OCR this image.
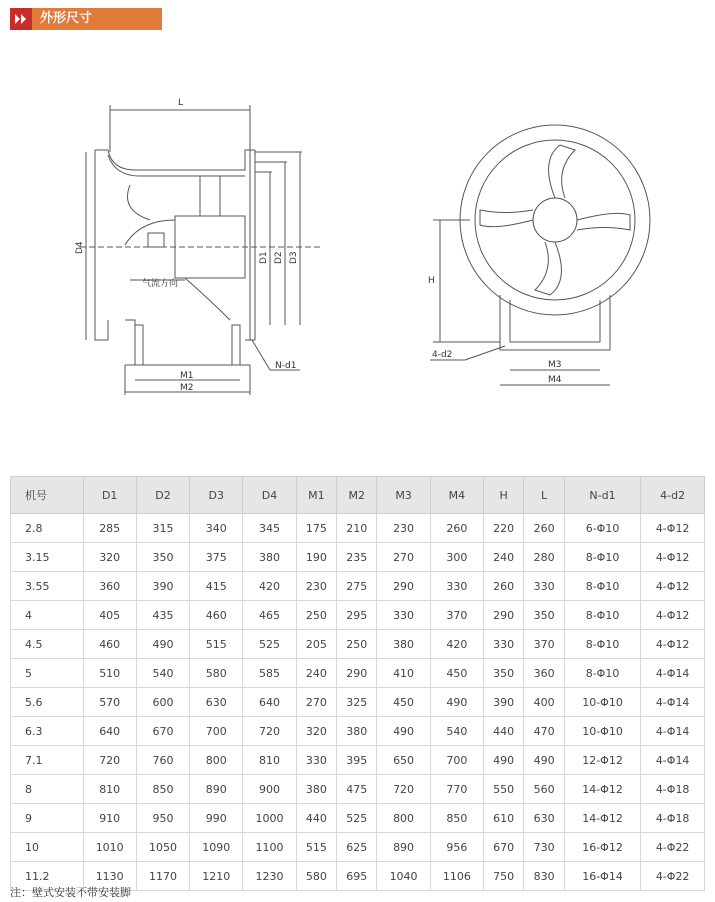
外形尺寸
L
D4
D1 D2 D3
气流方向
M1
M2
N-d1
H
M3
M4
4-d2
机号	D1	D2	D3	D4	M1	M2	M3	M4	H	L	N-d1	4-d2
2.8	285	315	340	345	175	210	230	260	220	260	6-Φ10	4-Φ12
3.15	320	350	375	380	190	235	270	300	240	280	8-Φ10	4-Φ12
3.55	360	390	415	420	230	275	290	330	260	330	8-Φ10	4-Φ12
4	405	435	460	465	250	295	330	370	290	350	8-Φ10	4-Φ12
4.5	460	490	515	525	205	250	380	420	330	370	8-Φ10	4-Φ12
5	510	540	580	585	240	290	410	450	350	360	8-Φ10	4-Φ14
5.6	570	600	630	640	270	325	450	490	390	400	10-Φ10	4-Φ14
6.3	640	670	700	720	320	380	490	540	440	470	10-Φ10	4-Φ14
7.1	720	760	800	810	330	395	650	700	490	490	12-Φ12	4-Φ14
8	810	850	890	900	380	475	720	770	550	560	14-Φ12	4-Φ18
9	910	950	990	1000	440	525	800	850	610	630	14-Φ12	4-Φ18
10	1010	1050	1090	1100	515	625	890	956	670	730	16-Φ12	4-Φ22
11.2	1130	1170	1210	1230	580	695	1040	1106	750	830	16-Φ14	4-Φ22
注：壁式安装不带安装脚
